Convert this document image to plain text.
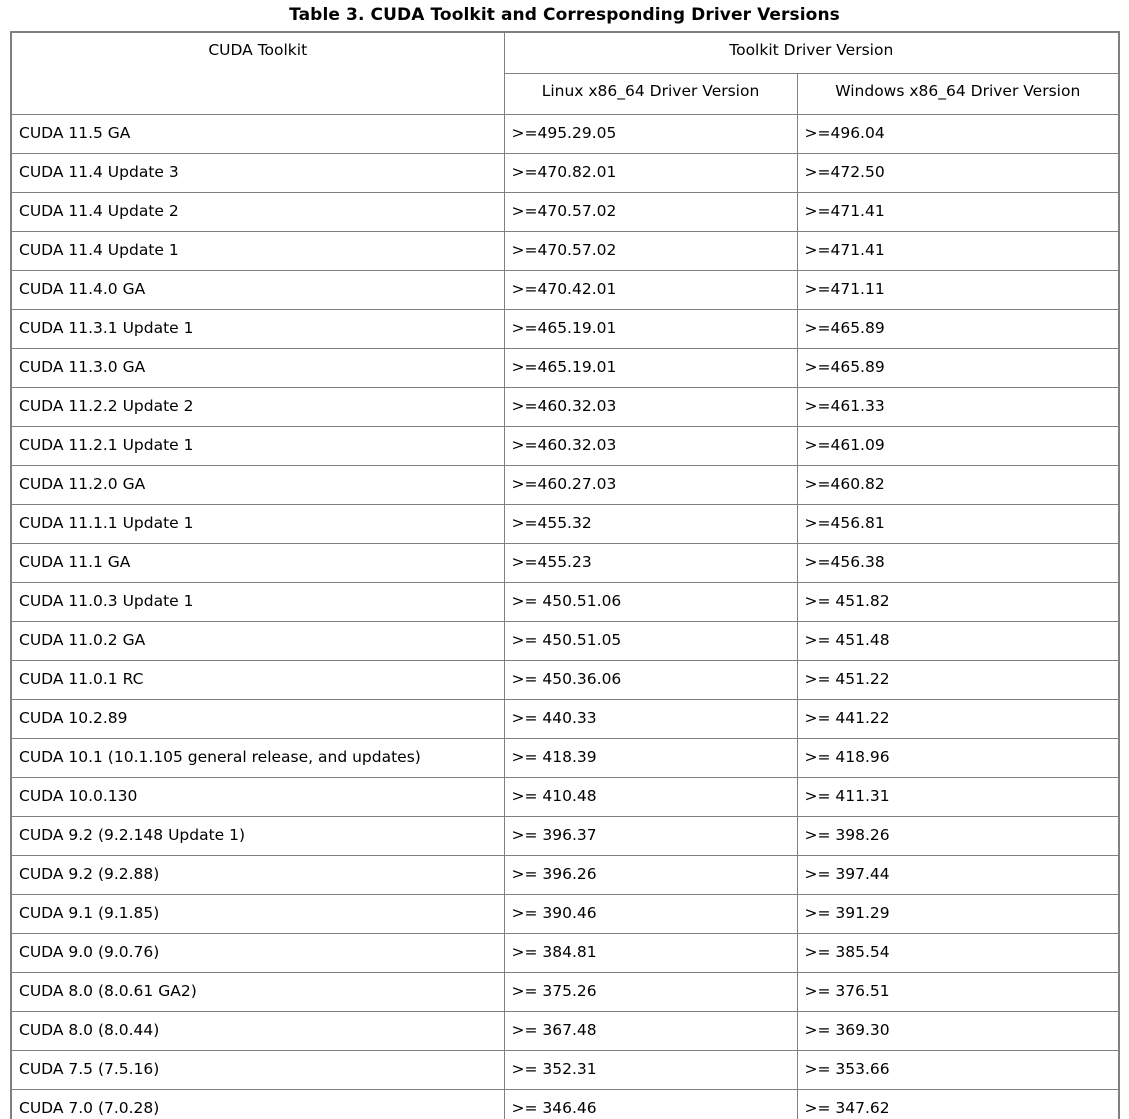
Table 3. CUDA Toolkit and Corresponding Driver Versions
CUDA Toolkit	Toolkit Driver Version	
	Linux x86_64 Driver Version	Windows x86_64 Driver Version
CUDA 11.5 GA	>=495.29.05	>=496.04
CUDA 11.4 Update 3	>=470.82.01	>=472.50
CUDA 11.4 Update 2	>=470.57.02	>=471.41
CUDA 11.4 Update 1	>=470.57.02	>=471.41
CUDA 11.4.0 GA	>=470.42.01	>=471.11
CUDA 11.3.1 Update 1	>=465.19.01	>=465.89
CUDA 11.3.0 GA	>=465.19.01	>=465.89
CUDA 11.2.2 Update 2	>=460.32.03	>=461.33
CUDA 11.2.1 Update 1	>=460.32.03	>=461.09
CUDA 11.2.0 GA	>=460.27.03	>=460.82
CUDA 11.1.1 Update 1	>=455.32	>=456.81
CUDA 11.1 GA	>=455.23	>=456.38
CUDA 11.0.3 Update 1	>= 450.51.06	>= 451.82
CUDA 11.0.2 GA	>= 450.51.05	>= 451.48
CUDA 11.0.1 RC	>= 450.36.06	>= 451.22
CUDA 10.2.89	>= 440.33	>= 441.22
CUDA 10.1 (10.1.105 general release, and updates)	>= 418.39	>= 418.96
CUDA 10.0.130	>= 410.48	>= 411.31
CUDA 9.2 (9.2.148 Update 1)	>= 396.37	>= 398.26
CUDA 9.2 (9.2.88)	>= 396.26	>= 397.44
CUDA 9.1 (9.1.85)	>= 390.46	>= 391.29
CUDA 9.0 (9.0.76)	>= 384.81	>= 385.54
CUDA 8.0 (8.0.61 GA2)	>= 375.26	>= 376.51
CUDA 8.0 (8.0.44)	>= 367.48	>= 369.30
CUDA 7.5 (7.5.16)	>= 352.31	>= 353.66
CUDA 7.0 (7.0.28)	>= 346.46	>= 347.62
